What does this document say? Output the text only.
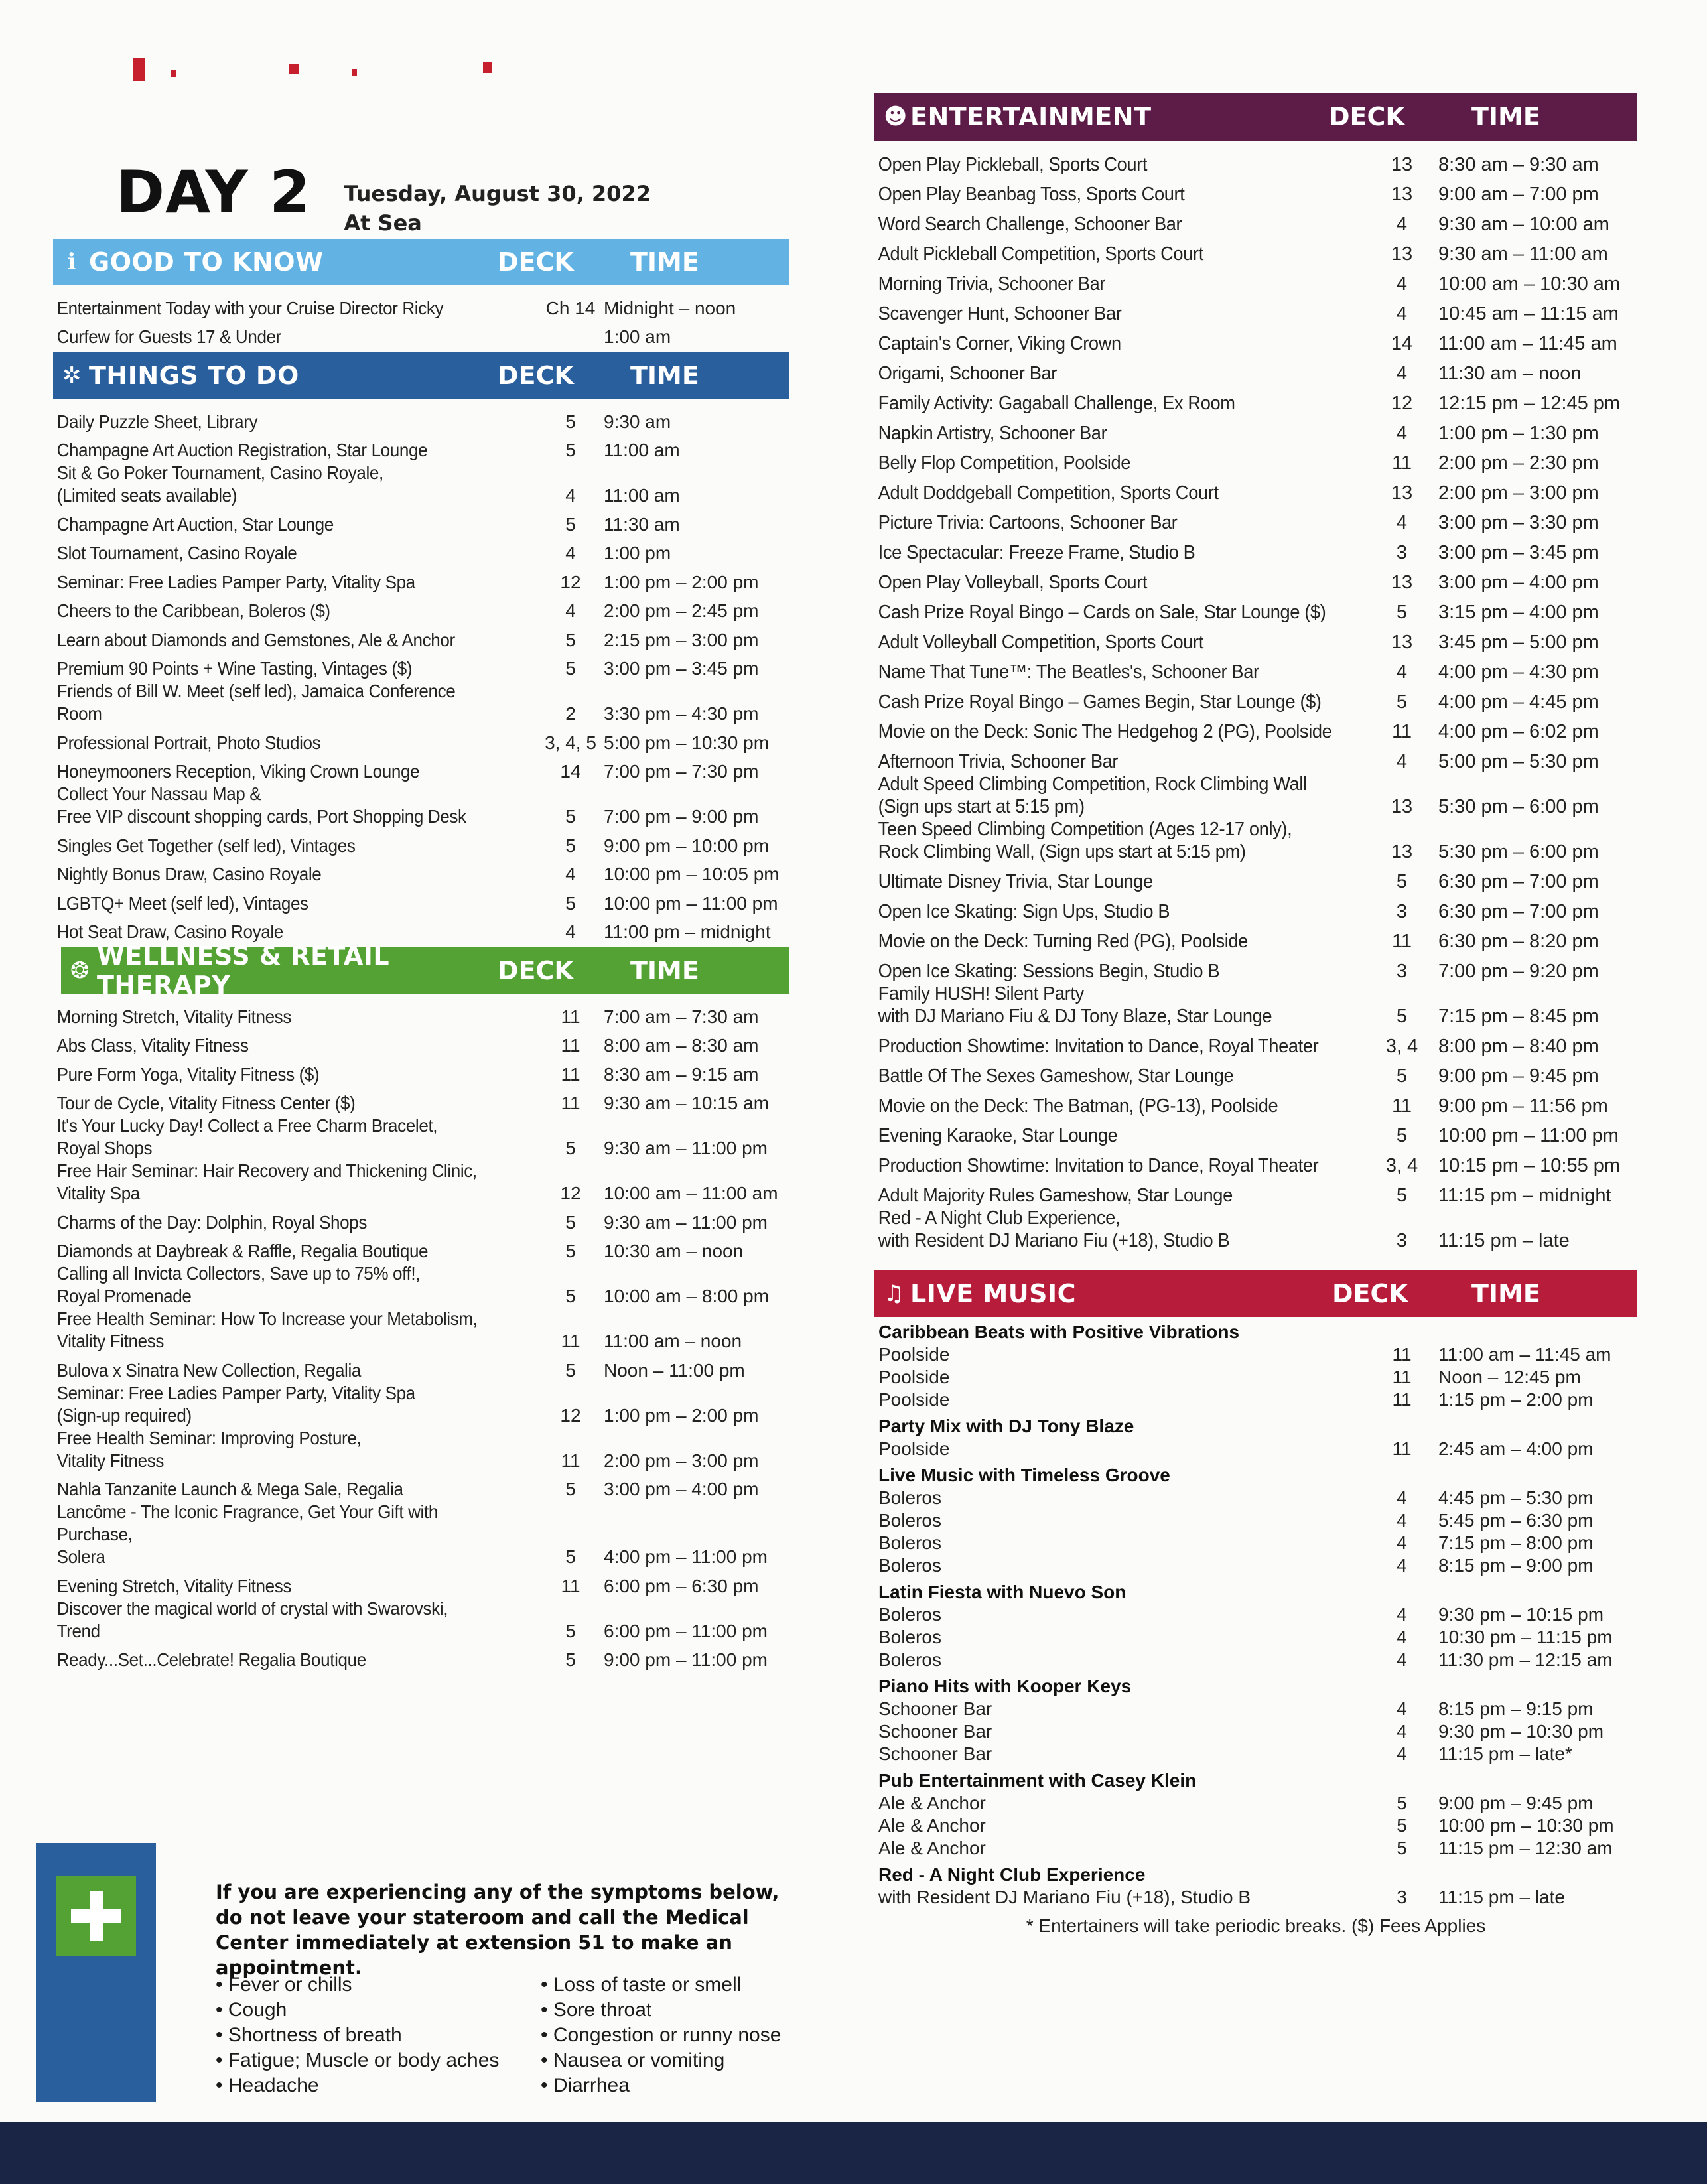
DAY 2 Tuesday, August 30, 2022
At Sea
ℹ GOOD TO KNOW	DECK	TIME
Entertainment Today with your Cruise Director Ricky	Ch 14 Midnight – noon
Curfew for Guests 17 & Under	1:00 am
✲ THINGS TO DO	DECK	TIME
Daily Puzzle Sheet, Library	5	9:30 am
Champagne Art Auction Registration, Star Lounge	5	11:00 am
Sit & Go Poker Tournament, Casino Royale,
(Limited seats available)	4	11:00 am
Champagne Art Auction, Star Lounge	5	11:30 am
Slot Tournament, Casino Royale	4	1:00 pm
Seminar: Free Ladies Pamper Party, Vitality Spa	12	1:00 pm – 2:00 pm
Cheers to the Caribbean, Boleros ($)	4	2:00 pm – 2:45 pm
Learn about Diamonds and Gemstones, Ale & Anchor	5	2:15 pm – 3:00 pm
Premium 90 Points + Wine Tasting, Vintages ($)	5	3:00 pm – 3:45 pm
Friends of Bill W. Meet (self led), Jamaica Conference Room	2	3:30 pm – 4:30 pm
Professional Portrait, Photo Studios	3, 4, 5 5:00 pm – 10:30 pm
Honeymooners Reception, Viking Crown Lounge	14	7:00 pm – 7:30 pm
Collect Your Nassau Map &
Free VIP discount shopping cards, Port Shopping Desk	5	7:00 pm – 9:00 pm
Singles Get Together (self led), Vintages	5	9:00 pm – 10:00 pm
Nightly Bonus Draw, Casino Royale	4	10:00 pm – 10:05 pm
LGBTQ+ Meet (self led), Vintages	5	10:00 pm – 11:00 pm
Hot Seat Draw, Casino Royale	4	11:00 pm – midnight
❂ WELLNESS & RETAIL THERAPY	DECK	TIME
Morning Stretch, Vitality Fitness	11	7:00 am – 7:30 am
Abs Class, Vitality Fitness	11	8:00 am – 8:30 am
Pure Form Yoga, Vitality Fitness ($)	11	8:30 am – 9:15 am
Tour de Cycle, Vitality Fitness Center ($)	11	9:30 am – 10:15 am
It's Your Lucky Day! Collect a Free Charm Bracelet,
Royal Shops	5	9:30 am – 11:00 pm
Free Hair Seminar: Hair Recovery and Thickening Clinic,
Vitality Spa	12	10:00 am – 11:00 am
Charms of the Day: Dolphin, Royal Shops	5	9:30 am – 11:00 pm
Diamonds at Daybreak & Raffle, Regalia Boutique	5	10:30 am – noon
Calling all Invicta Collectors, Save up to 75% off!,
Royal Promenade	5	10:00 am – 8:00 pm
Free Health Seminar: How To Increase your Metabolism,
Vitality Fitness	11	11:00 am – noon
Bulova x Sinatra New Collection, Regalia	5	Noon – 11:00 pm
Seminar: Free Ladies Pamper Party, Vitality Spa
(Sign-up required)	12	1:00 pm – 2:00 pm
Free Health Seminar: Improving Posture,
Vitality Fitness	11	2:00 pm – 3:00 pm
Nahla Tanzanite Launch & Mega Sale, Regalia	5	3:00 pm – 4:00 pm
Lancôme - The Iconic Fragrance, Get Your Gift with Purchase,
Solera	5	4:00 pm – 11:00 pm
Evening Stretch, Vitality Fitness	11	6:00 pm – 6:30 pm
Discover the magical world of crystal with Swarovski,
Trend	5	6:00 pm – 11:00 pm
Ready...Set...Celebrate! Regalia Boutique	5	9:00 pm – 11:00 pm
☻ ENTERTAINMENT	DECK	TIME
Open Play Pickleball, Sports Court	13	8:30 am – 9:30 am
Open Play Beanbag Toss, Sports Court	13	9:00 am – 7:00 pm
Word Search Challenge, Schooner Bar	4	9:30 am – 10:00 am
Adult Pickleball Competition, Sports Court	13	9:30 am – 11:00 am
Morning Trivia, Schooner Bar	4	10:00 am – 10:30 am
Scavenger Hunt, Schooner Bar	4	10:45 am – 11:15 am
Captain's Corner, Viking Crown	14	11:00 am – 11:45 am
Origami, Schooner Bar	4	11:30 am – noon
Family Activity: Gagaball Challenge, Ex Room	12	12:15 pm – 12:45 pm
Napkin Artistry, Schooner Bar	4	1:00 pm – 1:30 pm
Belly Flop Competition, Poolside	11	2:00 pm – 2:30 pm
Adult Doddgeball Competition, Sports Court	13	2:00 pm – 3:00 pm
Picture Trivia: Cartoons, Schooner Bar	4	3:00 pm – 3:30 pm
Ice Spectacular: Freeze Frame, Studio B	3	3:00 pm – 3:45 pm
Open Play Volleyball, Sports Court	13	3:00 pm – 4:00 pm
Cash Prize Royal Bingo – Cards on Sale, Star Lounge ($)	5	3:15 pm – 4:00 pm
Adult Volleyball Competition, Sports Court	13	3:45 pm – 5:00 pm
Name That Tune™: The Beatles's, Schooner Bar	4	4:00 pm – 4:30 pm
Cash Prize Royal Bingo – Games Begin, Star Lounge ($)	5	4:00 pm – 4:45 pm
Movie on the Deck: Sonic The Hedgehog 2 (PG), Poolside	11	4:00 pm – 6:02 pm
Afternoon Trivia, Schooner Bar	4	5:00 pm – 5:30 pm
Adult Speed Climbing Competition, Rock Climbing Wall
(Sign ups start at 5:15 pm)	13	5:30 pm – 6:00 pm
Teen Speed Climbing Competition (Ages 12-17 only),
Rock Climbing Wall, (Sign ups start at 5:15 pm)	13	5:30 pm – 6:00 pm
Ultimate Disney Trivia, Star Lounge	5	6:30 pm – 7:00 pm
Open Ice Skating: Sign Ups, Studio B	3	6:30 pm – 7:00 pm
Movie on the Deck: Turning Red (PG), Poolside	11	6:30 pm – 8:20 pm
Open Ice Skating: Sessions Begin, Studio B	3	7:00 pm – 9:20 pm
Family HUSH! Silent Party
with DJ Mariano Fiu & DJ Tony Blaze, Star Lounge	5	7:15 pm – 8:45 pm
Production Showtime: Invitation to Dance, Royal Theater	3, 4	8:00 pm – 8:40 pm
Battle Of The Sexes Gameshow, Star Lounge	5	9:00 pm – 9:45 pm
Movie on the Deck: The Batman, (PG-13), Poolside	11	9:00 pm – 11:56 pm
Evening Karaoke, Star Lounge	5	10:00 pm – 11:00 pm
Production Showtime: Invitation to Dance, Royal Theater	3, 4	10:15 pm – 10:55 pm
Adult Majority Rules Gameshow, Star Lounge	5	11:15 pm – midnight
Red - A Night Club Experience,
with Resident DJ Mariano Fiu (+18), Studio B	3	11:15 pm – late
♫ LIVE MUSIC	DECK	TIME
Caribbean Beats with Positive Vibrations
Poolside	11	11:00 am – 11:45 am
Poolside	11	Noon – 12:45 pm
Poolside	11	1:15 pm – 2:00 pm
Party Mix with DJ Tony Blaze
Poolside	11	2:45 am – 4:00 pm
Live Music with Timeless Groove
Boleros	4	4:45 pm – 5:30 pm
Boleros	4	5:45 pm – 6:30 pm
Boleros	4	7:15 pm – 8:00 pm
Boleros	4	8:15 pm – 9:00 pm
Latin Fiesta with Nuevo Son
Boleros	4	9:30 pm – 10:15 pm
Boleros	4	10:30 pm – 11:15 pm
Boleros	4	11:30 pm – 12:15 am
Piano Hits with Kooper Keys
Schooner Bar	4	8:15 pm – 9:15 pm
Schooner Bar	4	9:30 pm – 10:30 pm
Schooner Bar	4	11:15 pm – late*
Pub Entertainment with Casey Klein
Ale & Anchor	5	9:00 pm – 9:45 pm
Ale & Anchor	5	10:00 pm – 10:30 pm
Ale & Anchor	5	11:15 pm – 12:30 am
Red - A Night Club Experience
with Resident DJ Mariano Fiu (+18), Studio B	3	11:15 pm – late
* Entertainers will take periodic breaks. ($) Fees Applies
If you are experiencing any of the symptoms below, do not leave your stateroom and call the Medical Center immediately at extension 51 to make an appointment.
• Fever or chills
• Cough
• Shortness of breath
• Fatigue; Muscle or body aches
• Headache
• Loss of taste or smell
• Sore throat
• Congestion or runny nose
• Nausea or vomiting
• Diarrhea
